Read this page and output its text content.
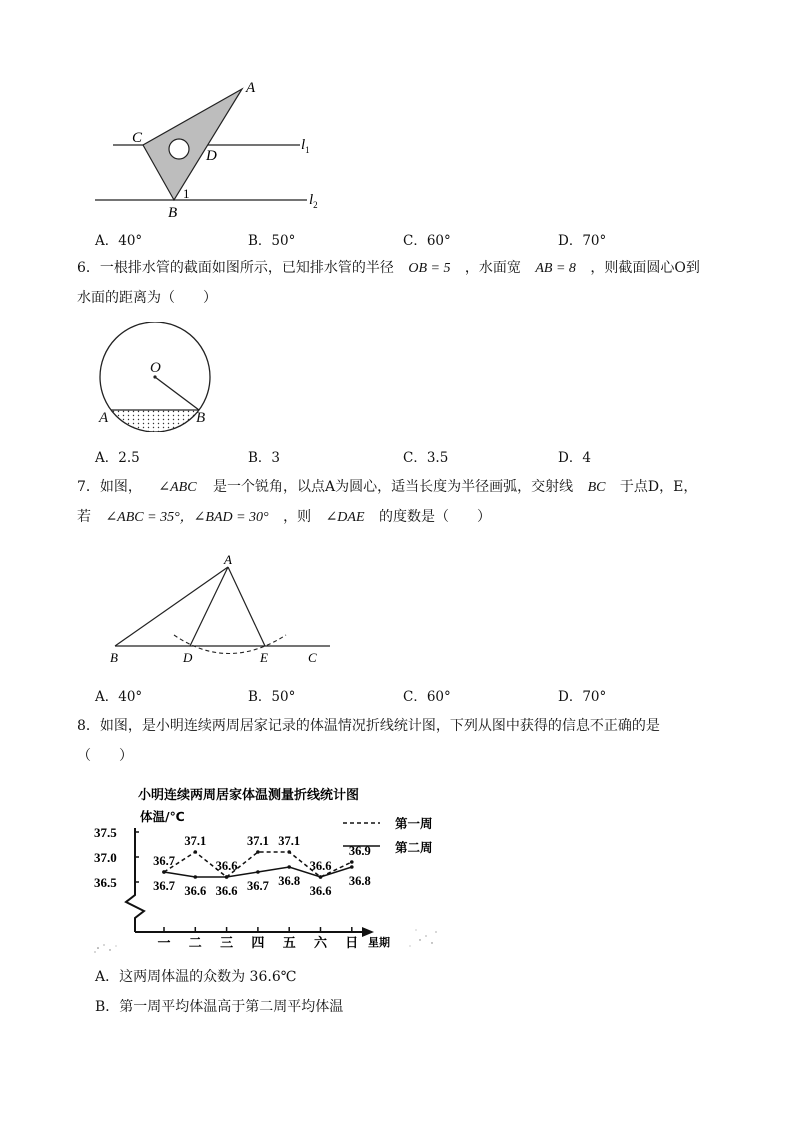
A
C
D
B
1
$l_1$
$l_2$
A．40°	B．50°	C．60°	D．70°
6．一根排水管的截面如图所示，已知排水管的半径 OB = 5 ，水面宽 AB = 8 ，则截面圆心O到
水面的距离为（　　）
O
A	B
A．2.5	B．3	C．3.5	D．4
7．如图， ∠ABC 是一个锐角，以点A为圆心，适当长度为半径画弧，交射线 BC 于点D，E，
若 ∠ABC = 35°，∠BAD = 30° ，则 ∠DAE 的度数是（　　）
A
B	D	E	C
A．40°	B．50°	C．60°	D．70°
8．如图，是小明连续两周居家记录的体温情况折线统计图，下列从图中获得的信息不正确的是
（　　）
小明连续两周居家体温测量折线统计图
体温/℃
星期
第一周
第二周
36.5
37.0
37.5
一 二 三 四 五 六 日
36.7
37.1
36.6
37.1 37.1
36.6
36.9
36.7 36.6 36.6 36.7 36.8
36.6
36.8
A．这两周体温的众数为 36.6℃
B．第一周平均体温高于第二周平均体温
